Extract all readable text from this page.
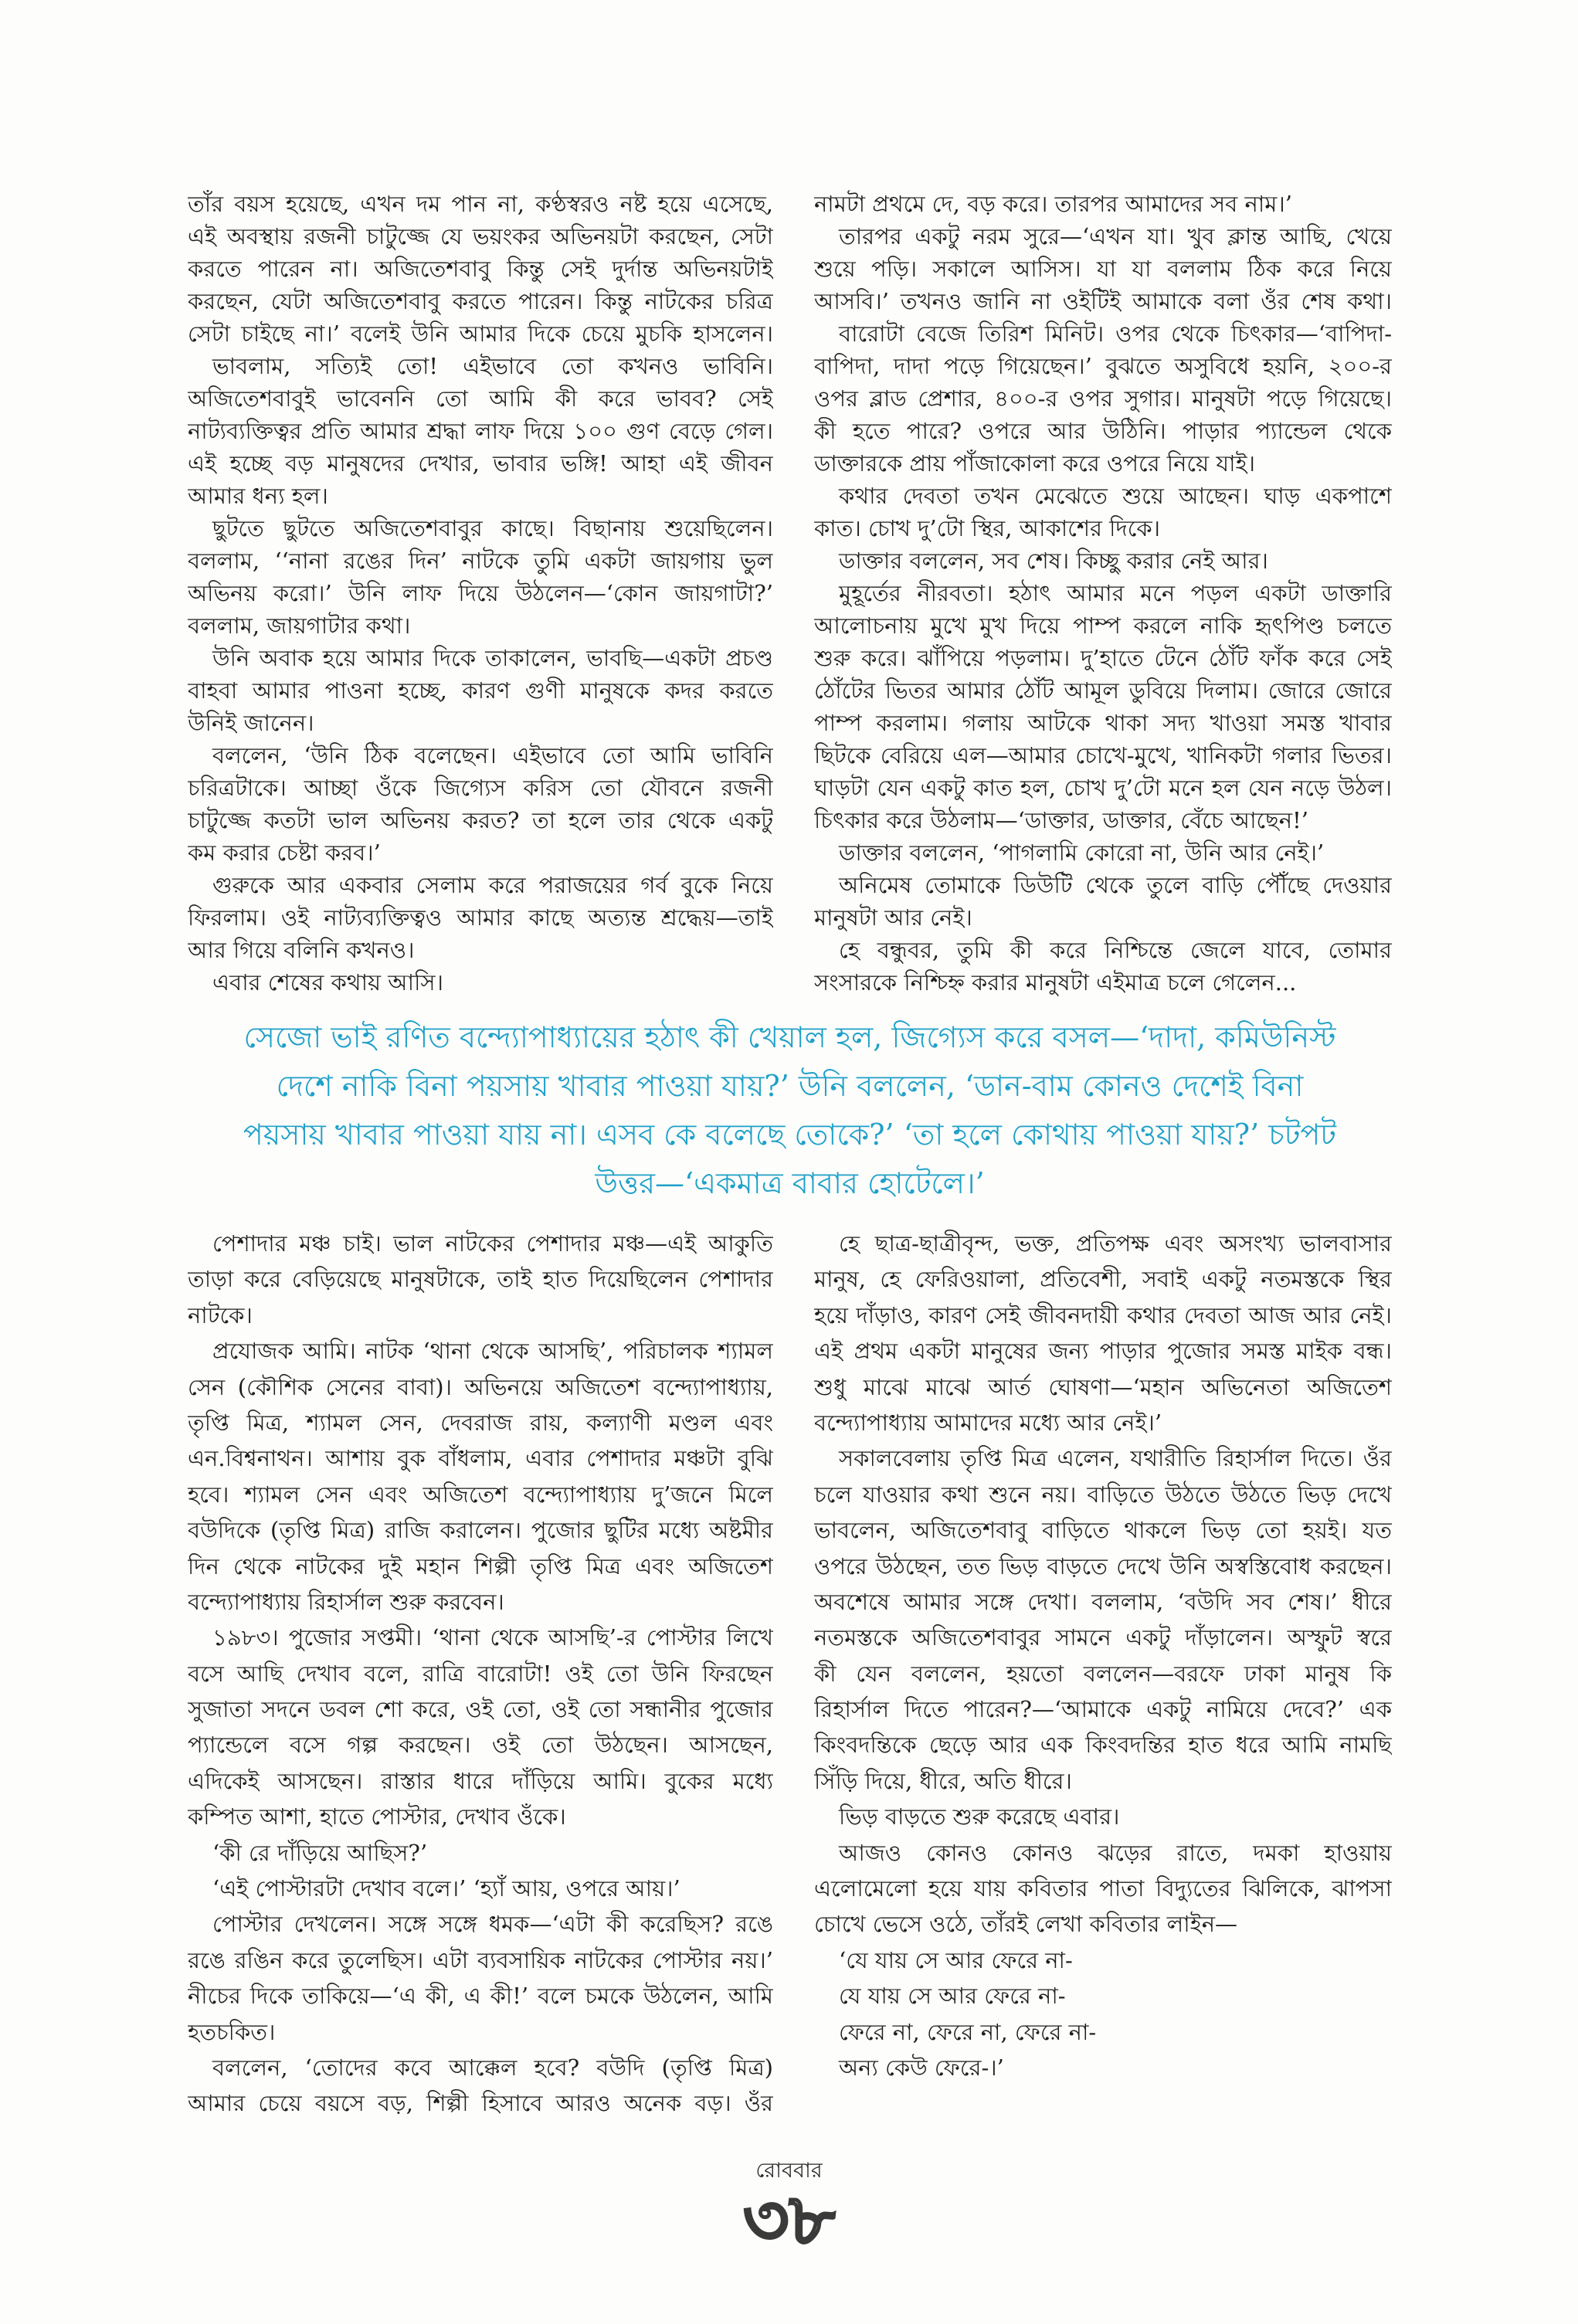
তাঁর বয়স হয়েছে, এখন দম পান না, কণ্ঠস্বরও নষ্ট হয়ে এসেছে,
এই অবস্থায় রজনী চাটুজ্জে যে ভয়ংকর অভিনয়টা করছেন, সেটা
করতে পারেন না। অজিতেশবাবু কিন্তু সেই দুর্দান্ত অভিনয়টাই
করছেন, যেটা অজিতেশবাবু করতে পারেন। কিন্তু নাটকের চরিত্র
সেটা চাইছে না।’ বলেই উনি আমার দিকে চেয়ে মুচকি হাসলেন।
ভাবলাম, সত্যিই তো! এইভাবে তো কখনও ভাবিনি।
অজিতেশবাবুই ভাবেননি তো আমি কী করে ভাবব? সেই
নাট্যব্যক্তিত্বর প্রতি আমার শ্রদ্ধা লাফ দিয়ে ১০০ গুণ বেড়ে গেল।
এই হচ্ছে বড় মানুষদের দেখার, ভাবার ভঙ্গি! আহা এই জীবন
আমার ধন্য হল।
ছুটতে ছুটতে অজিতেশবাবুর কাছে। বিছানায় শুয়েছিলেন।
বললাম, ‘‘নানা রঙের দিন’ নাটকে তুমি একটা জায়গায় ভুল
অভিনয় করো।’ উনি লাফ দিয়ে উঠলেন—‘কোন জায়গাটা?’
বললাম, জায়গাটার কথা।
উনি অবাক হয়ে আমার দিকে তাকালেন, ভাবছি—একটা প্রচণ্ড
বাহবা আমার পাওনা হচ্ছে, কারণ গুণী মানুষকে কদর করতে
উনিই জানেন।
বললেন, ‘উনি ঠিক বলেছেন। এইভাবে তো আমি ভাবিনি
চরিত্রটাকে। আচ্ছা ওঁকে জিগ্যেস করিস তো যৌবনে রজনী
চাটুজ্জে কতটা ভাল অভিনয় করত? তা হলে তার থেকে একটু
কম করার চেষ্টা করব।’
গুরুকে আর একবার সেলাম করে পরাজয়ের গর্ব বুকে নিয়ে
ফিরলাম। ওই নাট্যব্যক্তিত্বও আমার কাছে অত্যন্ত শ্রদ্ধেয়—তাই
আর গিয়ে বলিনি কখনও।
এবার শেষের কথায় আসি।
নামটা প্রথমে দে, বড় করে। তারপর আমাদের সব নাম।’
তারপর একটু নরম সুরে—‘এখন যা। খুব ক্লান্ত আছি, খেয়ে
শুয়ে পড়ি। সকালে আসিস। যা যা বললাম ঠিক করে নিয়ে
আসবি।’ তখনও জানি না ওইটিই আমাকে বলা ওঁর শেষ কথা।
বারোটা বেজে তিরিশ মিনিট। ওপর থেকে চিৎকার—‘বাপিদা-
বাপিদা, দাদা পড়ে গিয়েছেন।’ বুঝতে অসুবিধে হয়নি, ২০০-র
ওপর ব্লাড প্রেশার, ৪০০-র ওপর সুগার। মানুষটা পড়ে গিয়েছে।
কী হতে পারে? ওপরে আর উঠিনি। পাড়ার প্যান্ডেল থেকে
ডাক্তারকে প্রায় পাঁজাকোলা করে ওপরে নিয়ে যাই।
কথার দেবতা তখন মেঝেতে শুয়ে আছেন। ঘাড় একপাশে
কাত। চোখ দু’টো স্থির, আকাশের দিকে।
ডাক্তার বললেন, সব শেষ। কিচ্ছু করার নেই আর।
মুহূর্তের নীরবতা। হঠাৎ আমার মনে পড়ল একটা ডাক্তারি
আলোচনায় মুখে মুখ দিয়ে পাম্প করলে নাকি হৃৎপিণ্ড চলতে
শুরু করে। ঝাঁপিয়ে পড়লাম। দু’হাতে টেনে ঠোঁট ফাঁক করে সেই
ঠোঁটের ভিতর আমার ঠোঁট আমূল ডুবিয়ে দিলাম। জোরে জোরে
পাম্প করলাম। গলায় আটকে থাকা সদ্য খাওয়া সমস্ত খাবার
ছিটকে বেরিয়ে এল—আমার চোখে-মুখে, খানিকটা গলার ভিতর।
ঘাড়টা যেন একটু কাত হল, চোখ দু’টো মনে হল যেন নড়ে উঠল।
চিৎকার করে উঠলাম—‘ডাক্তার, ডাক্তার, বেঁচে আছেন!’
ডাক্তার বললেন, ‘পাগলামি কোরো না, উনি আর নেই।’
অনিমেষ তোমাকে ডিউটি থেকে তুলে বাড়ি পৌঁছে দেওয়ার
মানুষটা আর নেই।
হে বন্ধুবর, তুমি কী করে নিশ্চিন্তে জেলে যাবে, তোমার
সংসারকে নিশ্চিহ্ন করার মানুষটা এইমাত্র চলে গেলেন...
সেজো ভাই রণিত বন্দ্যোপাধ্যায়ের হঠাৎ কী খেয়াল হল, জিগ্যেস করে বসল—‘দাদা, কমিউনিস্ট
দেশে নাকি বিনা পয়সায় খাবার পাওয়া যায়?’ উনি বললেন, ‘ডান-বাম কোনও দেশেই বিনা
পয়সায় খাবার পাওয়া যায় না। এসব কে বলেছে তোকে?’ ‘তা হলে কোথায় পাওয়া যায়?’ চটপট
উত্তর—‘একমাত্র বাবার হোটেলে।’
পেশাদার মঞ্চ চাই। ভাল নাটকের পেশাদার মঞ্চ—এই আকুতি
তাড়া করে বেড়িয়েছে মানুষটাকে, তাই হাত দিয়েছিলেন পেশাদার
নাটকে।
প্রযোজক আমি। নাটক ‘থানা থেকে আসছি’, পরিচালক শ্যামল
সেন (কৌশিক সেনের বাবা)। অভিনয়ে অজিতেশ বন্দ্যোপাধ্যায়,
তৃপ্তি মিত্র, শ্যামল সেন, দেবরাজ রায়, কল্যাণী মণ্ডল এবং
এন.বিশ্বনাথন। আশায় বুক বাঁধলাম, এবার পেশাদার মঞ্চটা বুঝি
হবে। শ্যামল সেন এবং অজিতেশ বন্দ্যোপাধ্যায় দু’জনে মিলে
বউদিকে (তৃপ্তি মিত্র) রাজি করালেন। পুজোর ছুটির মধ্যে অষ্টমীর
দিন থেকে নাটকের দুই মহান শিল্পী তৃপ্তি মিত্র এবং অজিতেশ
বন্দ্যোপাধ্যায় রিহার্সাল শুরু করবেন।
১৯৮৩। পুজোর সপ্তমী। ‘থানা থেকে আসছি’-র পোস্টার লিখে
বসে আছি দেখাব বলে, রাত্রি বারোটা! ওই তো উনি ফিরছেন
সুজাতা সদনে ডবল শো করে, ওই তো, ওই তো সন্ধানীর পুজোর
প্যান্ডেলে বসে গল্প করছেন। ওই তো উঠছেন। আসছেন,
এদিকেই আসছেন। রাস্তার ধারে দাঁড়িয়ে আমি। বুকের মধ্যে
কম্পিত আশা, হাতে পোস্টার, দেখাব ওঁকে।
‘কী রে দাঁড়িয়ে আছিস?’
‘এই পোস্টারটা দেখাব বলে।’ ‘হ্যাঁ আয়, ওপরে আয়।’
পোস্টার দেখলেন। সঙ্গে সঙ্গে ধমক—‘এটা কী করেছিস? রঙে
রঙে রঙিন করে তুলেছিস। এটা ব্যবসায়িক নাটকের পোস্টার নয়।’
নীচের দিকে তাকিয়ে—‘এ কী, এ কী!’ বলে চমকে উঠলেন, আমি
হতচকিত।
বললেন, ‘তোদের কবে আক্কেল হবে? বউদি (তৃপ্তি মিত্র)
আমার চেয়ে বয়সে বড়, শিল্পী হিসাবে আরও অনেক বড়। ওঁর
হে ছাত্র-ছাত্রীবৃন্দ, ভক্ত, প্রতিপক্ষ এবং অসংখ্য ভালবাসার
মানুষ, হে ফেরিওয়ালা, প্রতিবেশী, সবাই একটু নতমস্তকে স্থির
হয়ে দাঁড়াও, কারণ সেই জীবনদায়ী কথার দেবতা আজ আর নেই।
এই প্রথম একটা মানুষের জন্য পাড়ার পুজোর সমস্ত মাইক বন্ধ।
শুধু মাঝে মাঝে আর্ত ঘোষণা—‘মহান অভিনেতা অজিতেশ
বন্দ্যোপাধ্যায় আমাদের মধ্যে আর নেই।’
সকালবেলায় তৃপ্তি মিত্র এলেন, যথারীতি রিহার্সাল দিতে। ওঁর
চলে যাওয়ার কথা শুনে নয়। বাড়িতে উঠতে উঠতে ভিড় দেখে
ভাবলেন, অজিতেশবাবু বাড়িতে থাকলে ভিড় তো হয়ই। যত
ওপরে উঠছেন, তত ভিড় বাড়তে দেখে উনি অস্বস্তিবোধ করছেন।
অবশেষে আমার সঙ্গে দেখা। বললাম, ‘বউদি সব শেষ।’ ধীরে
নতমস্তকে অজিতেশবাবুর সামনে একটু দাঁড়ালেন। অস্ফুট স্বরে
কী যেন বললেন, হয়তো বললেন—বরফে ঢাকা মানুষ কি
রিহার্সাল দিতে পারেন?—‘আমাকে একটু নামিয়ে দেবে?’ এক
কিংবদন্তিকে ছেড়ে আর এক কিংবদন্তির হাত ধরে আমি নামছি
সিঁড়ি দিয়ে, ধীরে, অতি ধীরে।
ভিড় বাড়তে শুরু করেছে এবার।
আজও কোনও কোনও ঝড়ের রাতে, দমকা হাওয়ায়
এলোমেলো হয়ে যায় কবিতার পাতা বিদ্যুতের ঝিলিকে, ঝাপসা
চোখে ভেসে ওঠে, তাঁরই লেখা কবিতার লাইন—
‘যে যায় সে আর ফেরে না-
যে যায় সে আর ফেরে না-
ফেরে না, ফেরে না, ফেরে না-
অন্য কেউ ফেরে-।’
রোববার
৩৮
